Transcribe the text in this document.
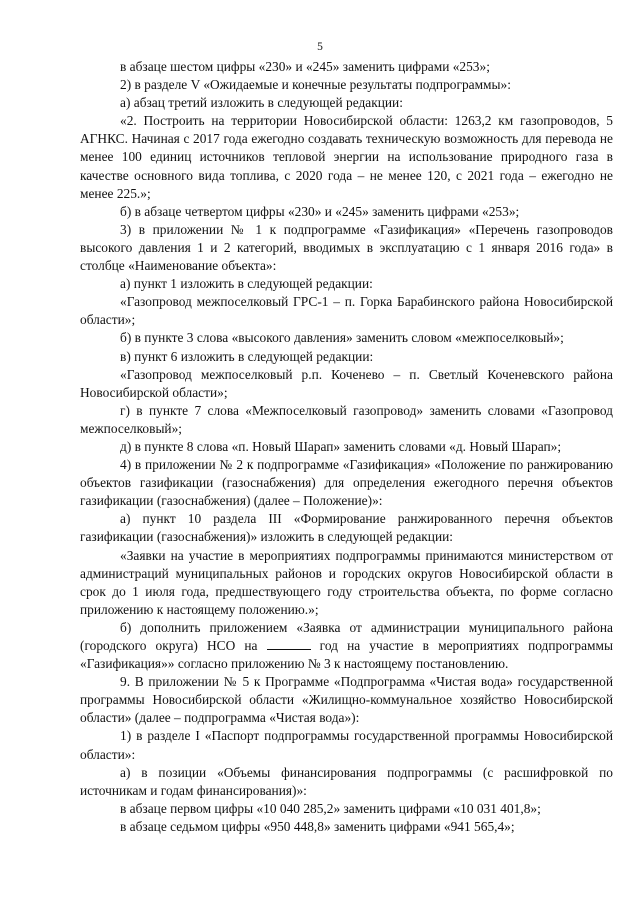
5

в абзаце шестом цифры «230» и «245» заменить цифрами «253»;

2) в разделе V «Ожидаемые и конечные результаты подпрограммы»:

а) абзац третий изложить в следующей редакции:

«2. Построить на территории Новосибирской области: 1263,2 км газопроводов, 5 АГНКС. Начиная с 2017 года ежегодно создавать техническую возможность для перевода не менее 100 единиц источников тепловой энергии на использование природного газа в качестве основного вида топлива, с 2020 года – не менее 120, с 2021 года – ежегодно не менее 225.»;

б) в абзаце четвертом цифры «230» и «245» заменить цифрами «253»;

3) в приложении № 1 к подпрограмме «Газификация» «Перечень газопроводов высокого давления 1 и 2 категорий, вводимых в эксплуатацию с 1 января 2016 года» в столбце «Наименование объекта»:

а) пункт 1 изложить в следующей редакции:

«Газопровод межпоселковый ГРС-1 – п. Горка Барабинского района Новосибирской области»;

б) в пункте 3 слова «высокого давления» заменить словом «межпоселковый»;

в) пункт 6 изложить в следующей редакции:

«Газопровод межпоселковый р.п. Коченево – п. Светлый Коченевского района Новосибирской области»;

г) в пункте 7 слова «Межпоселковый газопровод» заменить словами «Газопровод межпоселковый»;

д) в пункте 8 слова «п. Новый Шарап» заменить словами «д. Новый Шарап»;

4) в приложении № 2 к подпрограмме «Газификация» «Положение по ранжированию объектов газификации (газоснабжения) для определения ежегодного перечня объектов газификации (газоснабжения) (далее – Положение)»:

а) пункт 10 раздела III «Формирование ранжированного перечня объектов газификации (газоснабжения)» изложить в следующей редакции:

«Заявки на участие в мероприятиях подпрограммы принимаются министерством от администраций муниципальных районов и городских округов Новосибирской области в срок до 1 июля года, предшествующего году строительства объекта, по форме согласно приложению к настоящему положению.»;

б) дополнить приложением «Заявка от администрации муниципального района (городского округа) НСО на	год на участие в мероприятиях подпрограммы «Газификация»» согласно приложению № 3 к настоящему постановлению.

9. В приложении № 5 к Программе «Подпрограмма «Чистая вода» государственной программы Новосибирской области «Жилищно-коммунальное хозяйство Новосибирской области» (далее – подпрограмма «Чистая вода»):

1) в разделе I «Паспорт подпрограммы государственной программы Новосибирской области»:

а) в позиции «Объемы финансирования подпрограммы (с расшифровкой по источникам и годам финансирования)»:

в абзаце первом цифры «10 040 285,2» заменить цифрами «10 031 401,8»;

в абзаце седьмом цифры «950 448,8» заменить цифрами «941 565,4»;
